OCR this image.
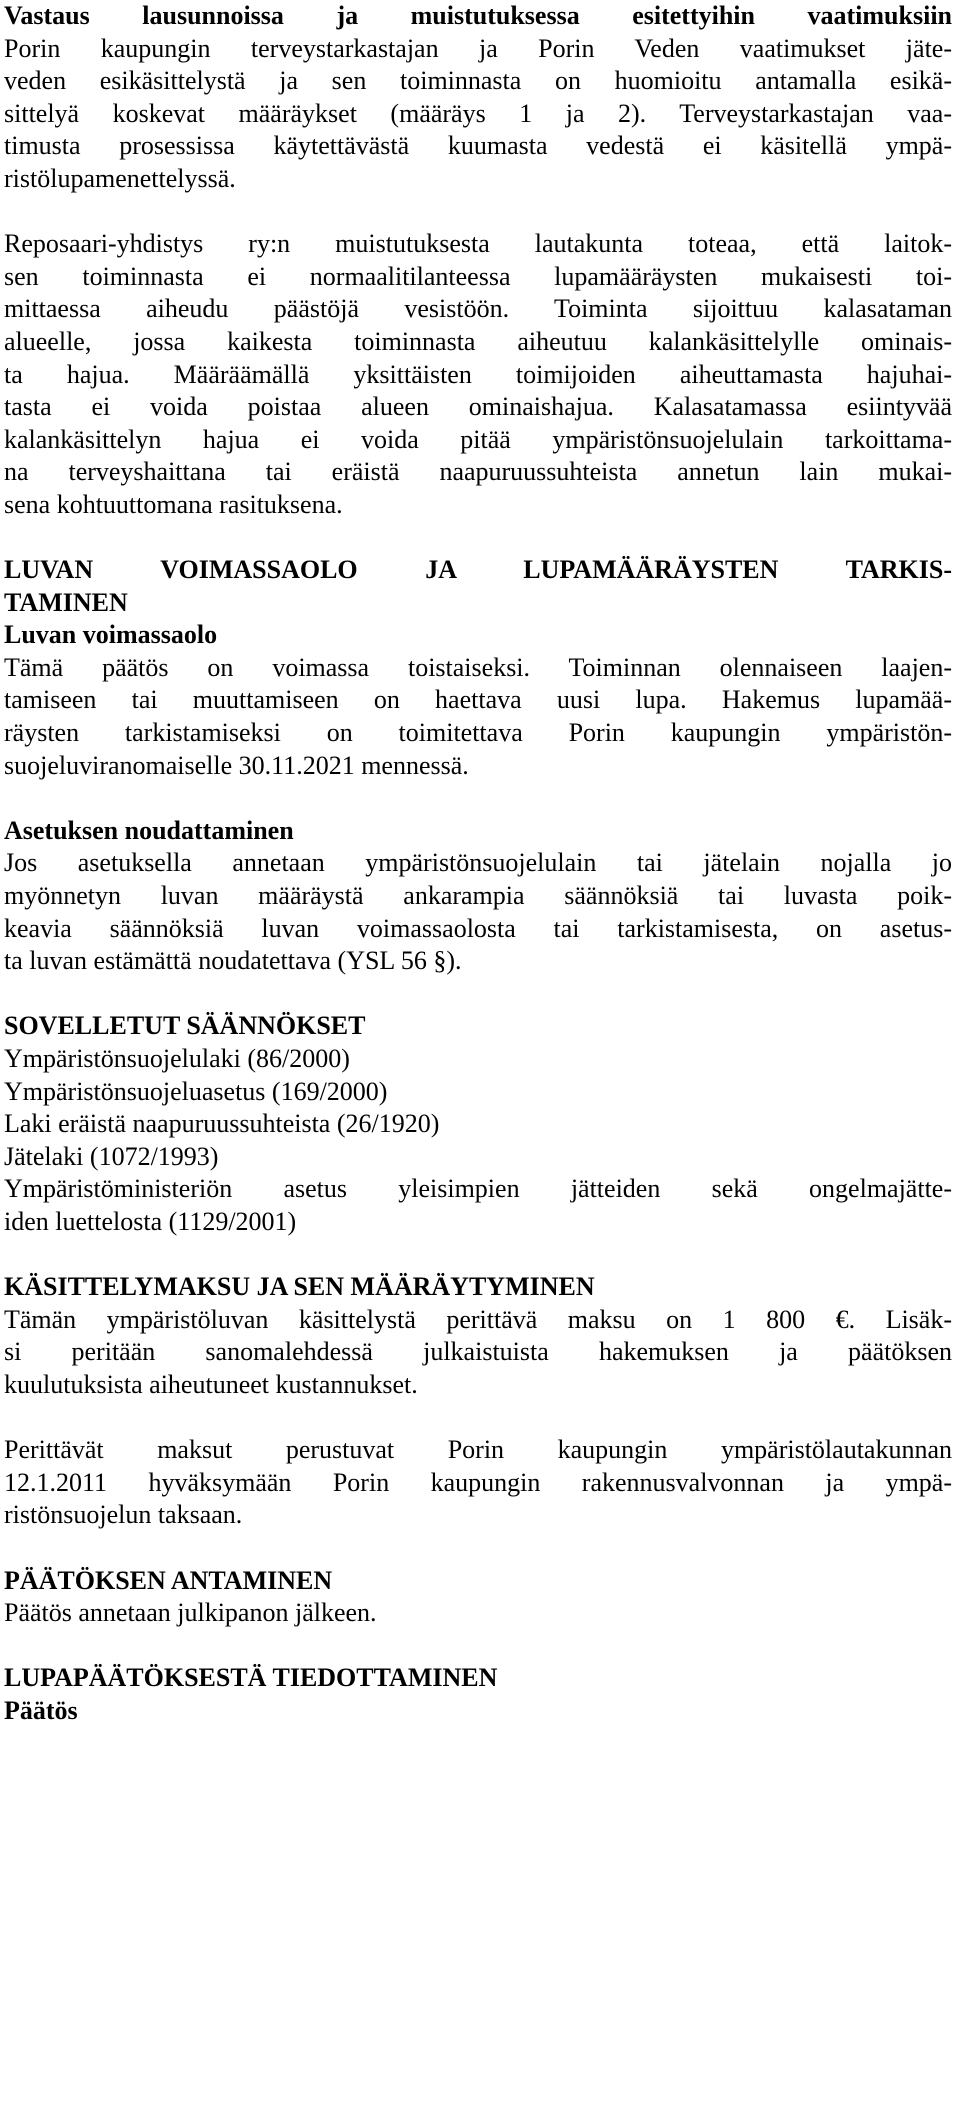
Vastaus lausunnoissa ja muistutuksessa esitettyihin vaatimuksiin
Porin kaupungin terveystarkastajan ja Porin Veden vaatimukset jäte-
veden esikäsittelystä ja sen toiminnasta on huomioitu antamalla esikä-
sittelyä koskevat määräykset (määräys 1 ja 2). Terveystarkastajan vaa-
timusta prosessissa käytettävästä kuumasta vedestä ei käsitellä ympä-
ristölupamenettelyssä.
Reposaari-yhdistys ry:n muistutuksesta lautakunta toteaa, että laitok-
sen toiminnasta ei normaalitilanteessa lupamääräysten mukaisesti toi-
mittaessa aiheudu päästöjä vesistöön. Toiminta sijoittuu kalasataman
alueelle, jossa kaikesta toiminnasta aiheutuu kalankäsittelylle ominais-
ta hajua. Määräämällä yksittäisten toimijoiden aiheuttamasta hajuhai-
tasta ei voida poistaa alueen ominaishajua. Kalasatamassa esiintyvää
kalankäsittelyn hajua ei voida pitää ympäristönsuojelulain tarkoittama-
na terveyshaittana tai eräistä naapuruussuhteista annetun lain mukai-
sena kohtuuttomana rasituksena.
LUVAN VOIMASSAOLO JA LUPAMÄÄRÄYSTEN TARKIS-
TAMINEN
Luvan voimassaolo
Tämä päätös on voimassa toistaiseksi. Toiminnan olennaiseen laajen-
tamiseen tai muuttamiseen on haettava uusi lupa. Hakemus lupamää-
räysten tarkistamiseksi on toimitettava Porin kaupungin ympäristön-
suojeluviranomaiselle 30.11.2021 mennessä.
Asetuksen noudattaminen
Jos asetuksella annetaan ympäristönsuojelulain tai jätelain nojalla jo
myönnetyn luvan määräystä ankarampia säännöksiä tai luvasta poik-
keavia säännöksiä luvan voimassaolosta tai tarkistamisesta, on asetus-
ta luvan estämättä noudatettava (YSL 56 §).
SOVELLETUT SÄÄNNÖKSET
Ympäristönsuojelulaki (86/2000)
Ympäristönsuojeluasetus (169/2000)
Laki eräistä naapuruussuhteista (26/1920)
Jätelaki (1072/1993)
Ympäristöministeriön asetus yleisimpien jätteiden sekä ongelmajätte-
iden luettelosta (1129/2001)
KÄSITTELYMAKSU JA SEN MÄÄRÄYTYMINEN
Tämän ympäristöluvan käsittelystä perittävä maksu on 1 800 €. Lisäk-
si peritään sanomalehdessä julkaistuista hakemuksen ja päätöksen
kuulutuksista aiheutuneet kustannukset.
Perittävät maksut perustuvat Porin kaupungin ympäristölautakunnan
12.1.2011 hyväksymään Porin kaupungin rakennusvalvonnan ja ympä-
ristönsuojelun taksaan.
PÄÄTÖKSEN ANTAMINEN
Päätös annetaan julkipanon jälkeen.
LUPAPÄÄTÖKSESTÄ TIEDOTTAMINEN
Päätös
